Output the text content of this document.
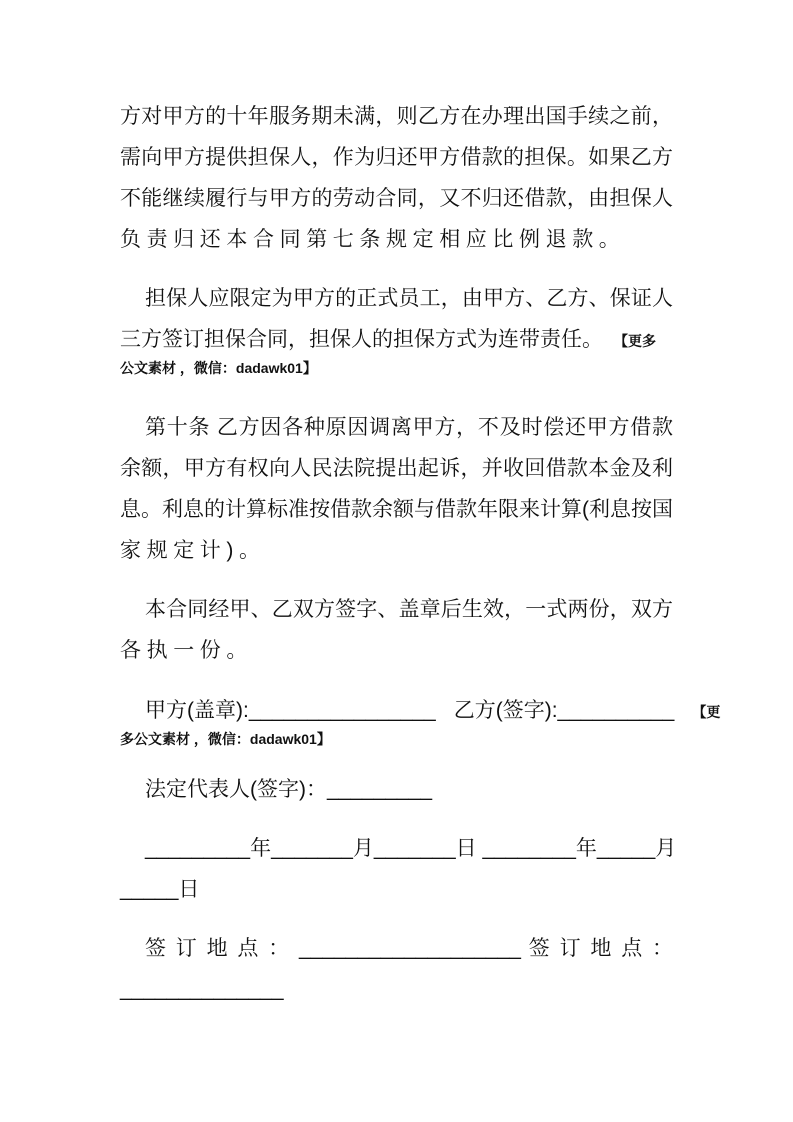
方对甲方的十年服务期未满，则乙方在办理出国手续之前，
需向甲方提供担保人，作为归还甲方借款的担保。如果乙方
不能继续履行与甲方的劳动合同，又不归还借款，由担保人
负责归还本合同第七条规定相应比例退款。
担保人应限定为甲方的正式员工，由甲方、乙方、保证人
三方签订担保合同，担保人的担保方式为连带责任。 【更多
公文素材 ，微信：dadawk01】
第十条 乙方因各种原因调离甲方，不及时偿还甲方借款
余额，甲方有权向人民法院提出起诉，并收回借款本金及利
息。利息的计算标准按借款余额与借款年限来计算(利息按国
家规定计)。
本合同经甲、乙双方签字、盖章后生效，一式两份，双方
各执一份。
甲方(盖章):________________ 乙方(签字):__________ 【更
多公文素材 ，微信：dadawk01】
法定代表人(签字)：_________
_________年_______月_______日 ________年_____月
_____日
签 订 地 点 ： ___________________ 签 订 地 点 ：
______________
